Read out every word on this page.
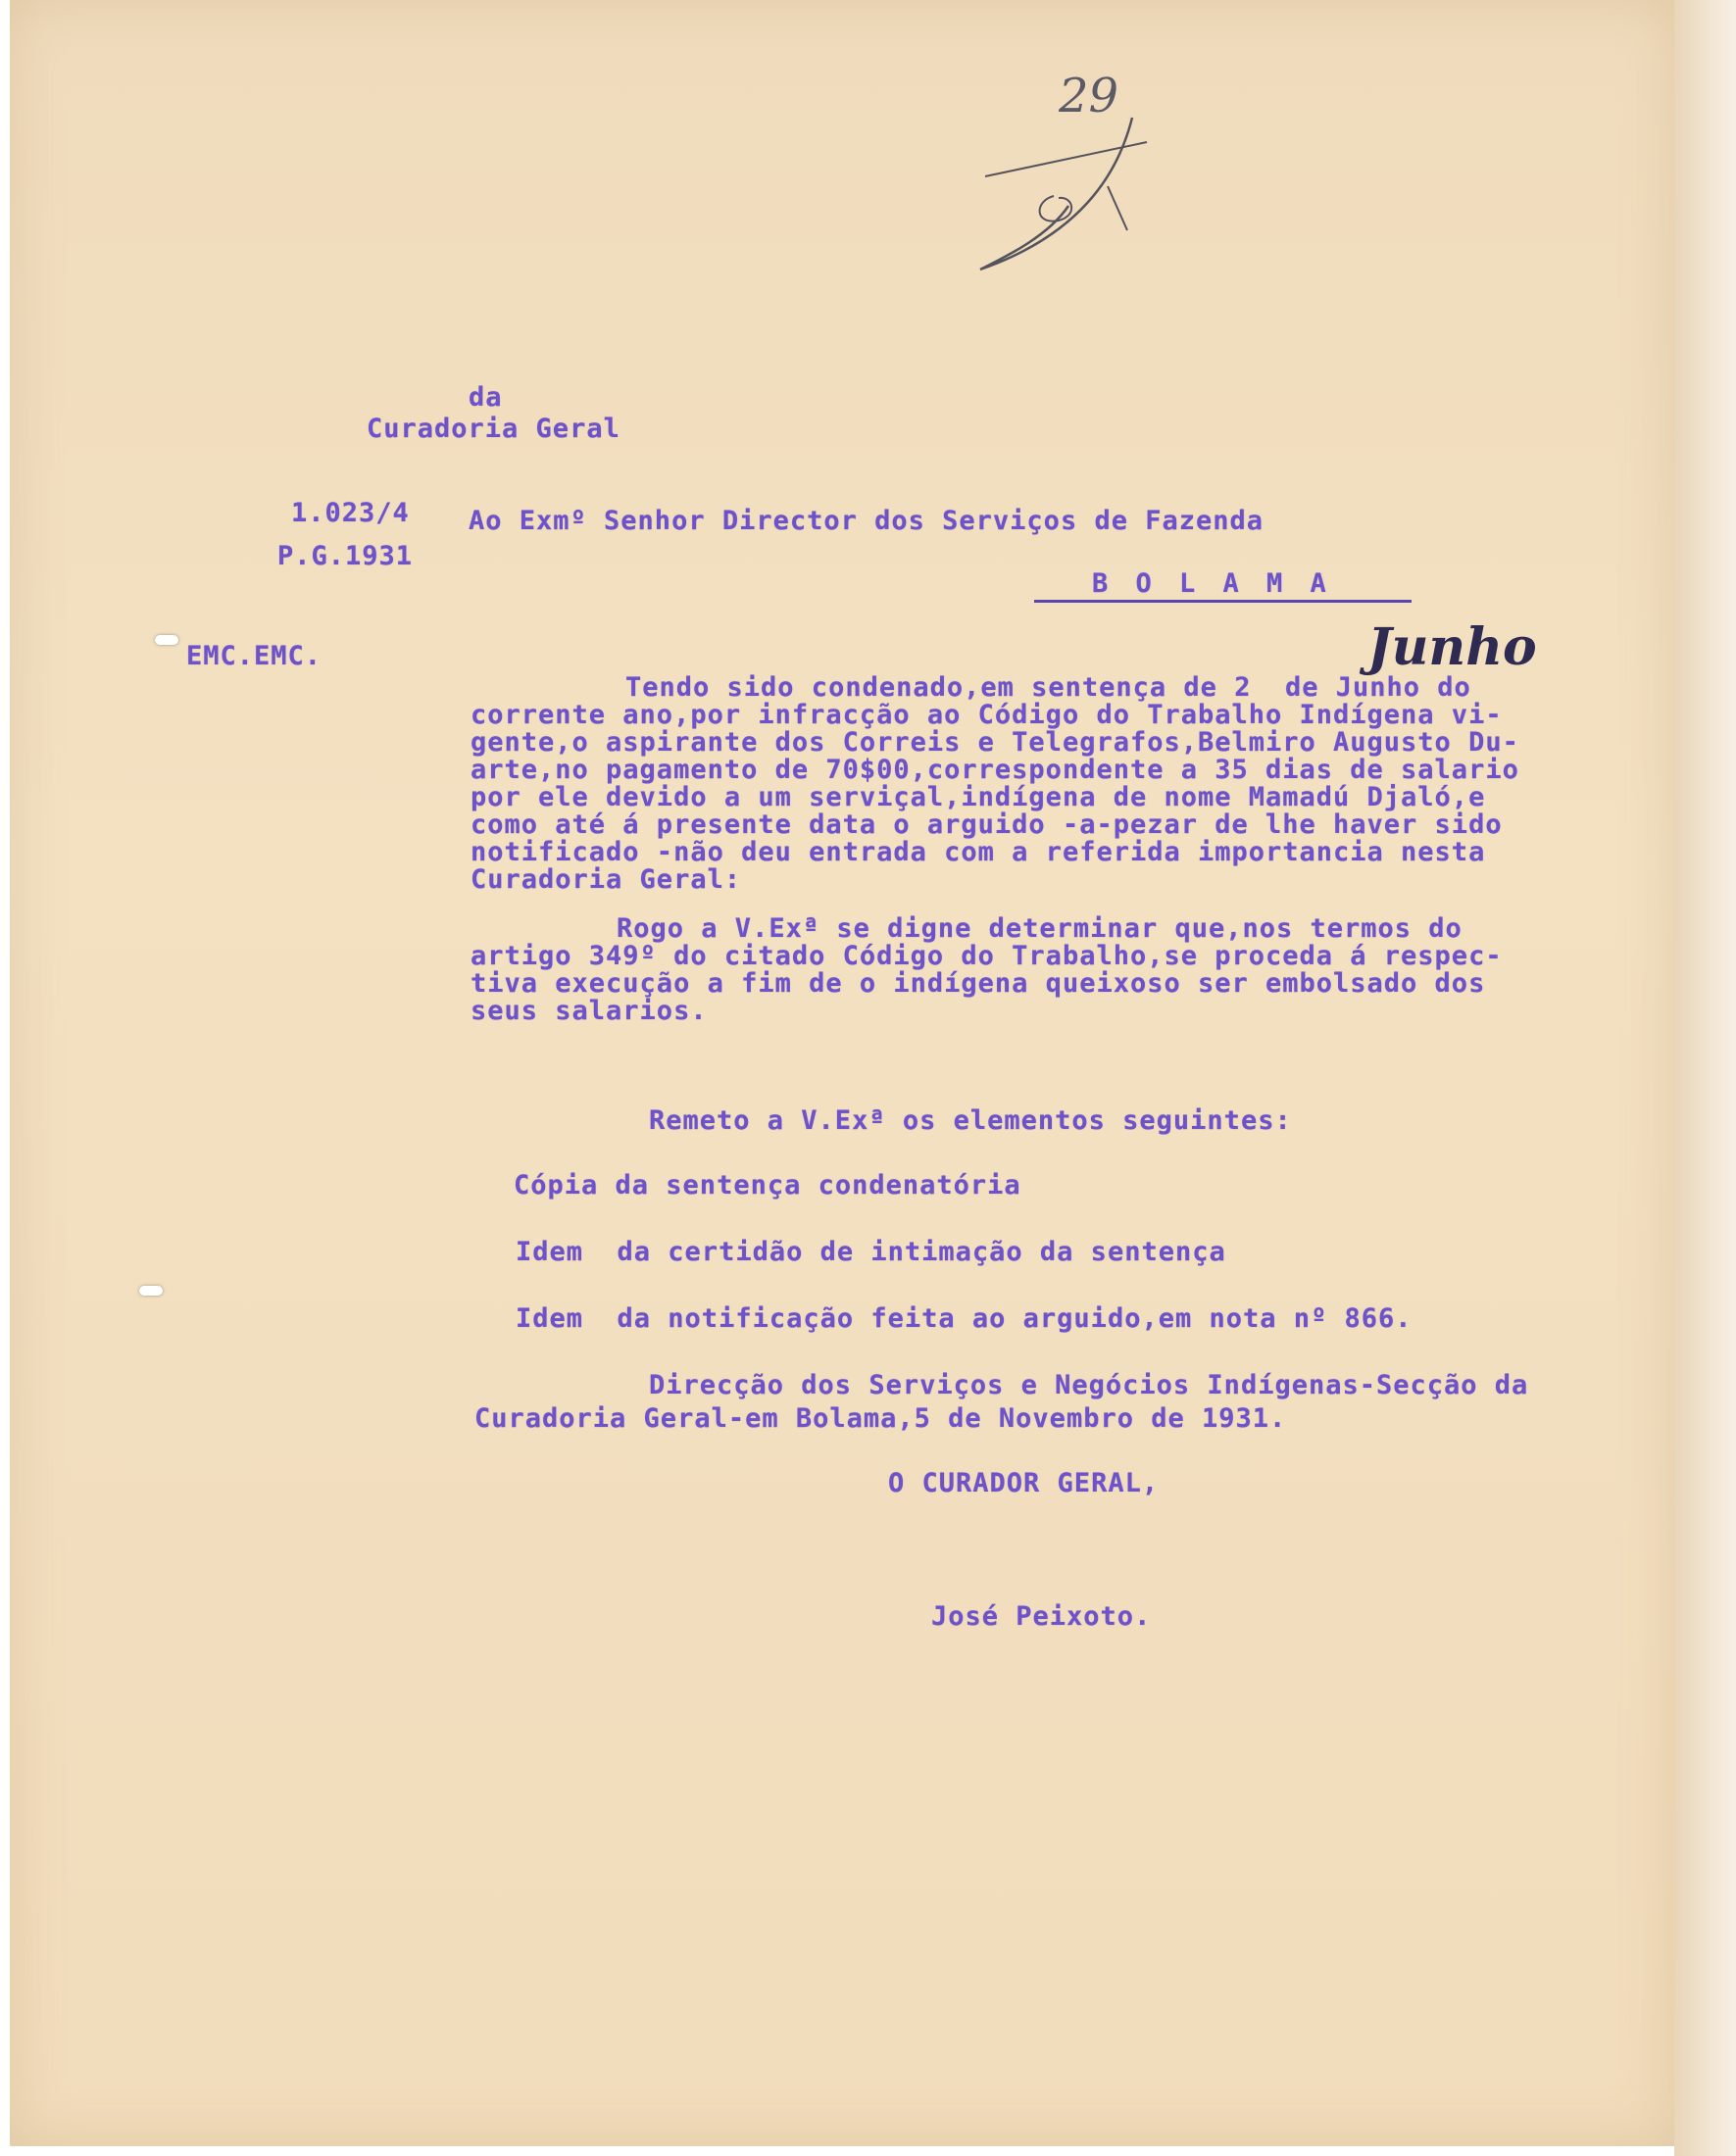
29
da
Curadoria Geral
1.023/4
P.G.1931
Ao Exmº Senhor Director dos Serviços de Fazenda
B O L A M A
EMC.EMC.
Tendo sido condenado,em sentença de 2  de Junho do
corrente ano,por infracção ao Código do Trabalho Indígena vi-
gente,o aspirante dos Correis e Telegrafos,Belmiro Augusto Du-
arte,no pagamento de 70$00,correspondente a 35 dias de salario
por ele devido a um serviçal,indígena de nome Mamadú Djaló,e
como até á presente data o arguido -a-pezar de lhe haver sido
notificado -não deu entrada com a referida importancia nesta
Curadoria Geral:
Rogo a V.Exª se digne determinar que,nos termos do
artigo 349º do citado Código do Trabalho,se proceda á respec-
tiva execução a fim de o indígena queixoso ser embolsado dos
seus salarios.
Junho
Remeto a V.Exª os elementos seguintes:
Cópia da sentença condenatória
Idem  da certidão de intimação da sentença
Idem  da notificação feita ao arguido,em nota nº 866.
Direcção dos Serviços e Negócios Indígenas-Secção da
Curadoria Geral-em Bolama,5 de Novembro de 1931.
O CURADOR GERAL,
José Peixoto.
